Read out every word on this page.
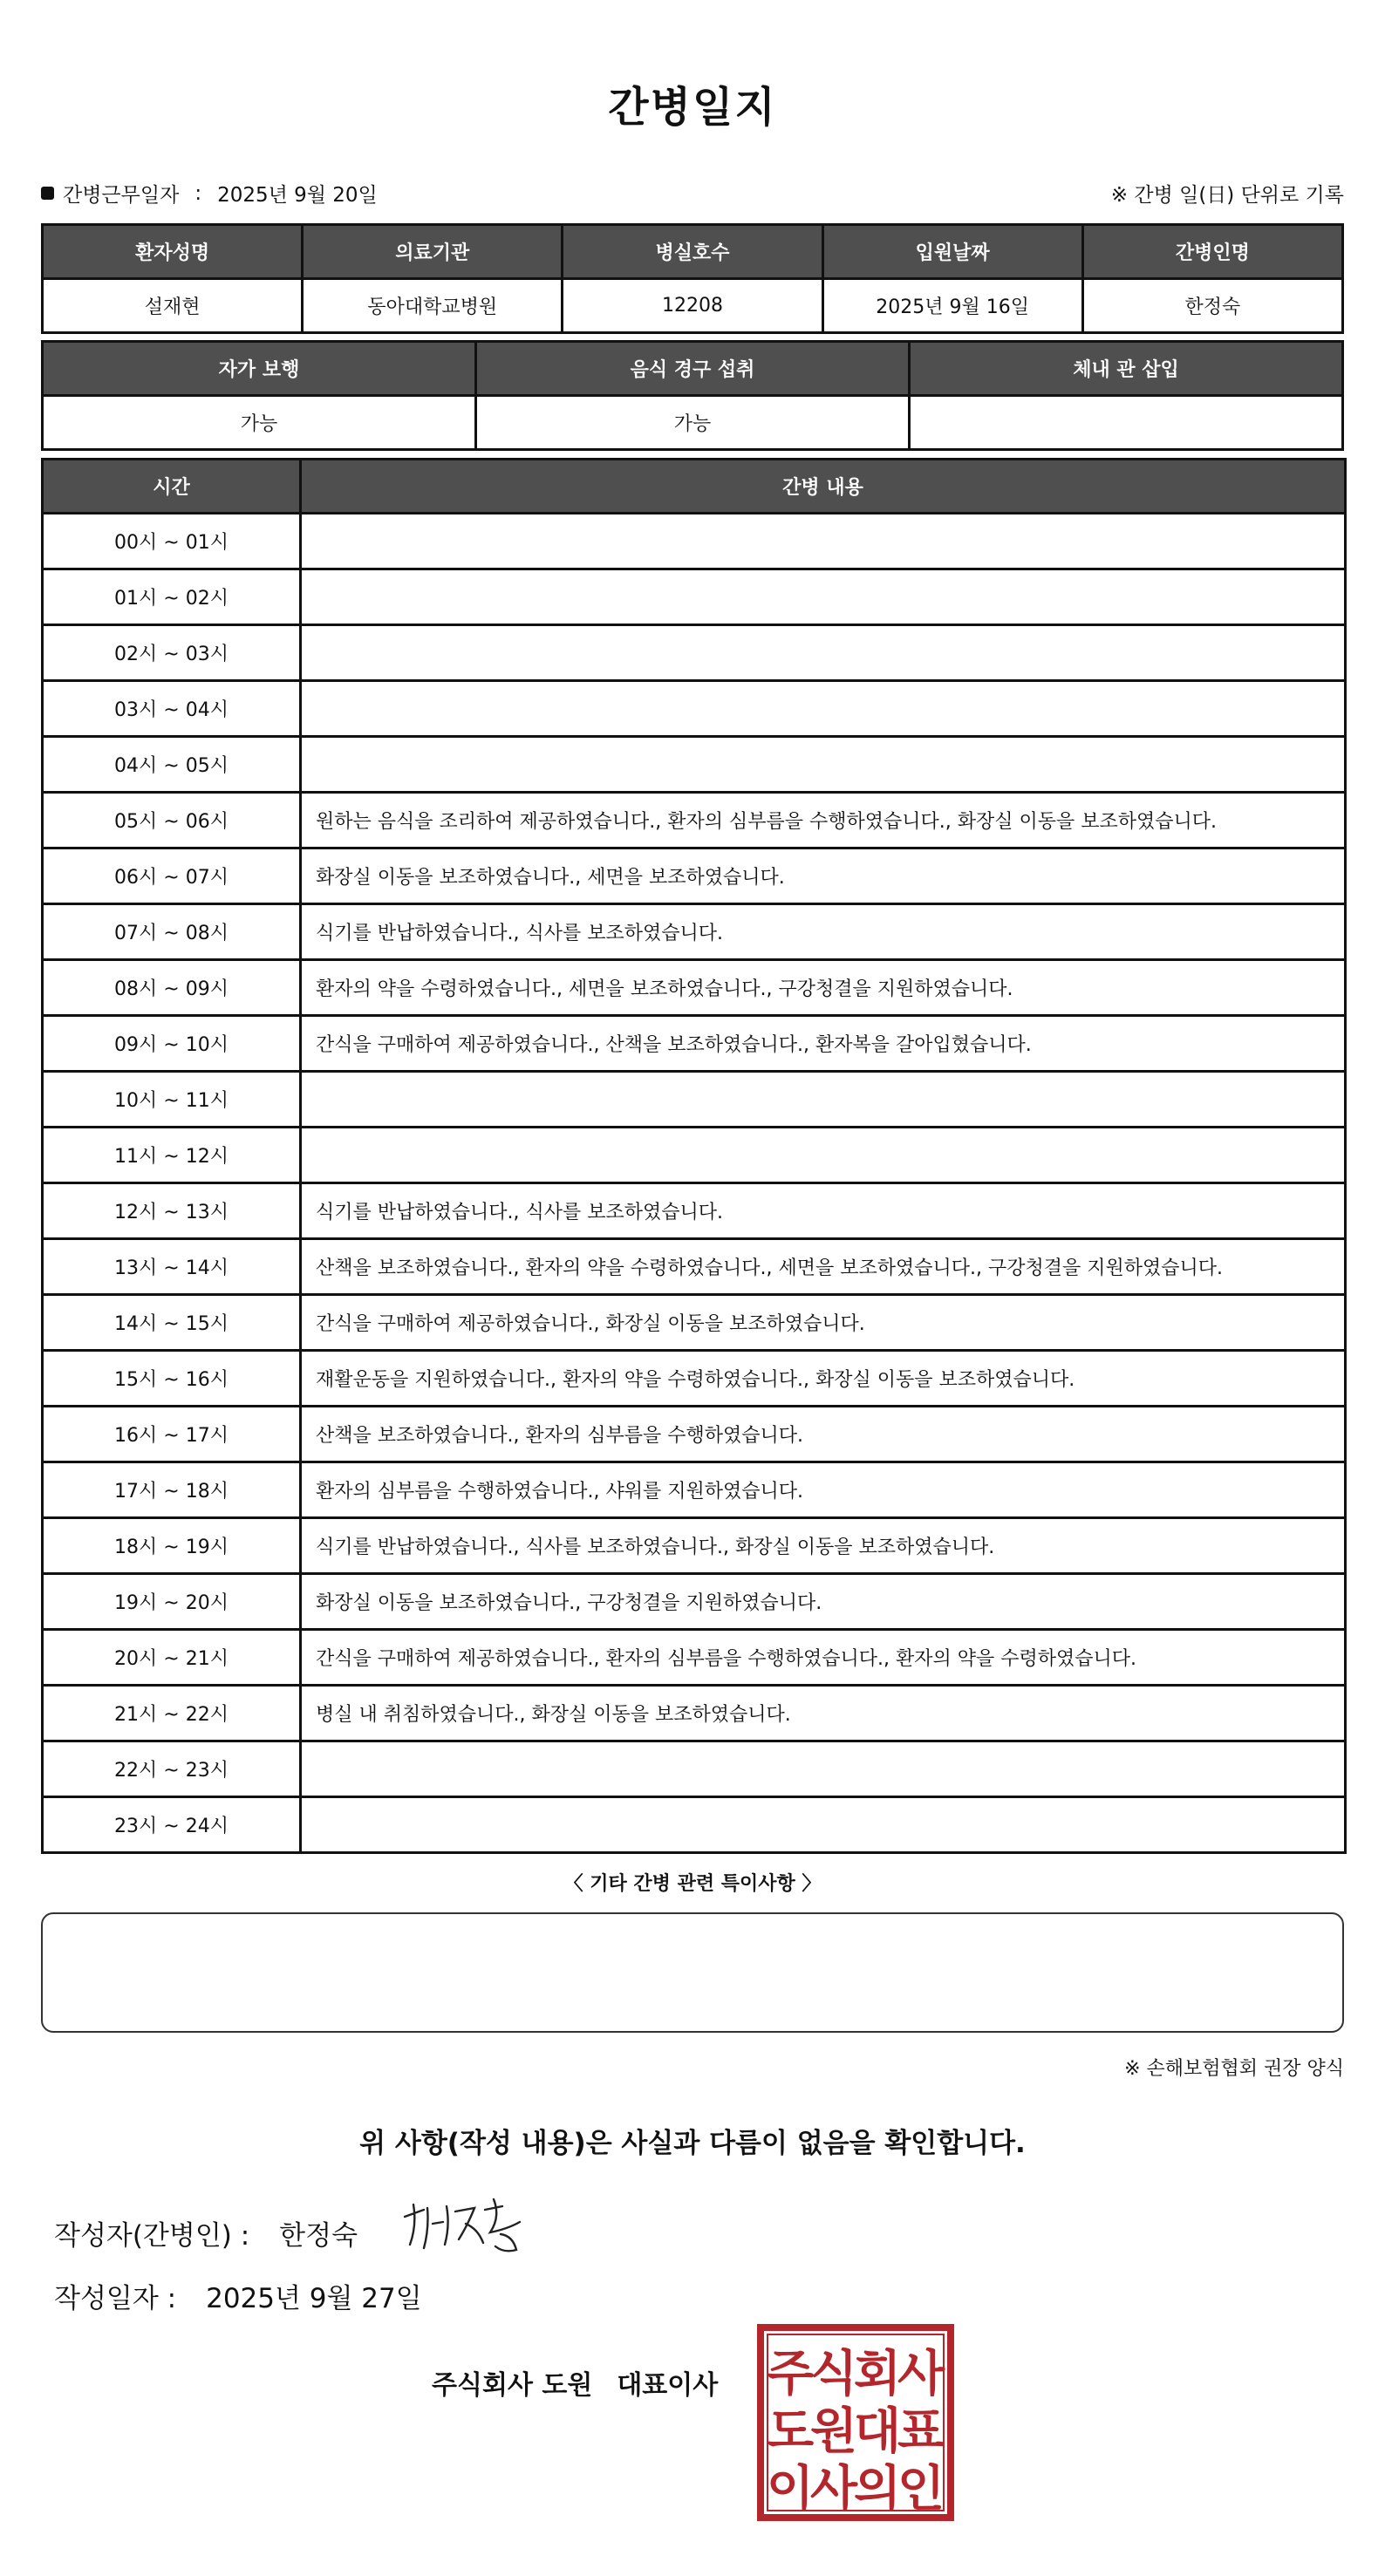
간병일지
간병근무일자 : 2025년 9월 20일	※ 간병 일(日) 단위로 기록
환자성명	의료기관	병실호수	입원날짜	간병인명
설재현	동아대학교병원	12208	2025년 9월 16일	한정숙
자가 보행	음식 경구 섭취	체내 관 삽입
가능	가능	
시간	간병 내용
00시 ~ 01시	
01시 ~ 02시	
02시 ~ 03시	
03시 ~ 04시	
04시 ~ 05시	
05시 ~ 06시	원하는 음식을 조리하여 제공하였습니다., 환자의 심부름을 수행하였습니다., 화장실 이동을 보조하였습니다.
06시 ~ 07시	화장실 이동을 보조하였습니다., 세면을 보조하였습니다.
07시 ~ 08시	식기를 반납하였습니다., 식사를 보조하였습니다.
08시 ~ 09시	환자의 약을 수령하였습니다., 세면을 보조하였습니다., 구강청결을 지원하였습니다.
09시 ~ 10시	간식을 구매하여 제공하였습니다., 산책을 보조하였습니다., 환자복을 갈아입혔습니다.
10시 ~ 11시	
11시 ~ 12시	
12시 ~ 13시	식기를 반납하였습니다., 식사를 보조하였습니다.
13시 ~ 14시	산책을 보조하였습니다., 환자의 약을 수령하였습니다., 세면을 보조하였습니다., 구강청결을 지원하였습니다.
14시 ~ 15시	간식을 구매하여 제공하였습니다., 화장실 이동을 보조하였습니다.
15시 ~ 16시	재활운동을 지원하였습니다., 환자의 약을 수령하였습니다., 화장실 이동을 보조하였습니다.
16시 ~ 17시	산책을 보조하였습니다., 환자의 심부름을 수행하였습니다.
17시 ~ 18시	환자의 심부름을 수행하였습니다., 샤워를 지원하였습니다.
18시 ~ 19시	식기를 반납하였습니다., 식사를 보조하였습니다., 화장실 이동을 보조하였습니다.
19시 ~ 20시	화장실 이동을 보조하였습니다., 구강청결을 지원하였습니다.
20시 ~ 21시	간식을 구매하여 제공하였습니다., 환자의 심부름을 수행하였습니다., 환자의 약을 수령하였습니다.
21시 ~ 22시	병실 내 취침하였습니다., 화장실 이동을 보조하였습니다.
22시 ~ 23시	
23시 ~ 24시	
〈 기타 간병 관련 특이사항 〉
※ 손해보험협회 권장 양식
위 사항(작성 내용)은 사실과 다름이 없음을 확인합니다.
작성자(간병인) : 한정숙
작성일자 : 2025년 9월 27일
주식회사 도원 대표이사 주
식
회
사
도
원
대
표
이
사
의
인
